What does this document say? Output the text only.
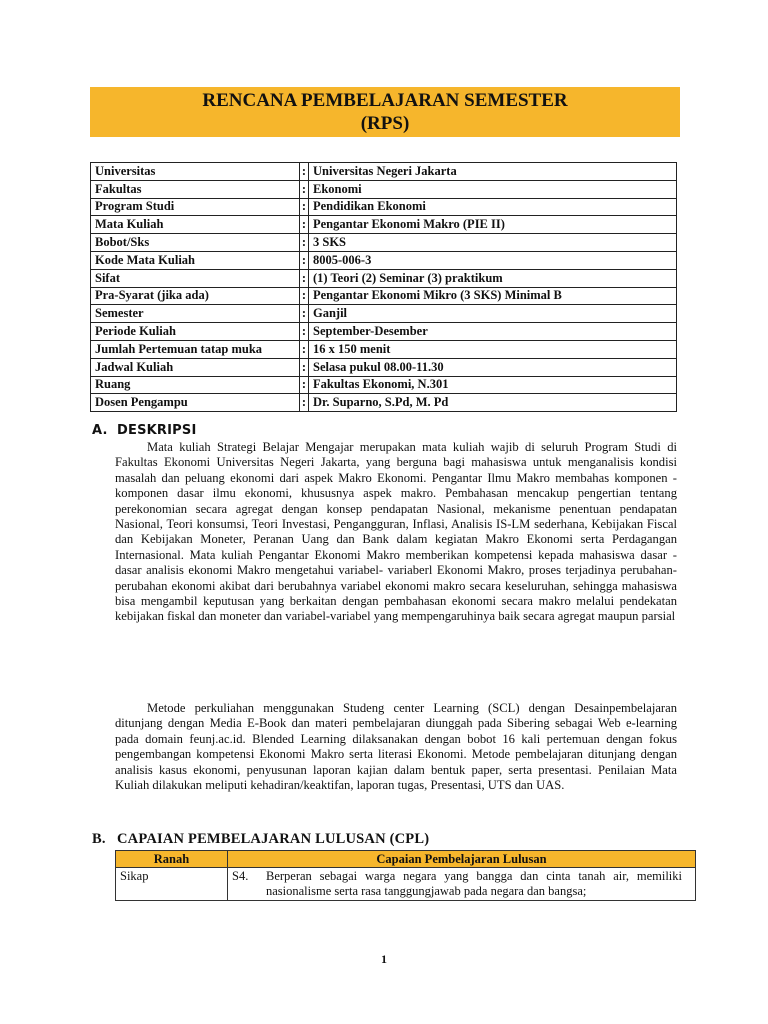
RENCANA PEMBELAJARAN SEMESTER
(RPS)
Universitas	:	Universitas Negeri Jakarta
Fakultas	:	Ekonomi
Program Studi	:	Pendidikan Ekonomi
Mata Kuliah	:	Pengantar Ekonomi Makro (PIE II)
Bobot/Sks	:	3 SKS
Kode Mata Kuliah	:	8005-006-3
Sifat	:	(1) Teori (2) Seminar (3) praktikum
Pra-Syarat (jika ada)	:	Pengantar Ekonomi Mikro (3 SKS) Minimal B
Semester	:	Ganjil
Periode Kuliah	:	September-Desember
Jumlah Pertemuan tatap muka	:	16 x 150 menit
Jadwal Kuliah	:	Selasa pukul 08.00-11.30
Ruang	:	Fakultas Ekonomi, N.301
Dosen Pengampu	:	Dr. Suparno, S.Pd, M. Pd
A. DESKRIPSI

Mata kuliah Strategi Belajar Mengajar merupakan mata kuliah wajib di seluruh Program Studi di Fakultas Ekonomi Universitas Negeri Jakarta, yang berguna bagi mahasiswa untuk menganalisis kondisi masalah dan peluang ekonomi dari aspek Makro Ekonomi. Pengantar Ilmu Makro membahas komponen - komponen dasar ilmu ekonomi, khususnya aspek makro. Pembahasan mencakup pengertian tentang perekonomian secara agregat dengan konsep pendapatan Nasional, mekanisme penentuan pendapatan Nasional, Teori konsumsi, Teori Investasi, Pengangguran, Inflasi, Analisis IS-LM sederhana, Kebijakan Fiscal dan Kebijakan Moneter, Peranan Uang dan Bank dalam kegiatan Makro Ekonomi serta Perdagangan Internasional. Mata kuliah Pengantar Ekonomi Makro memberikan kompetensi kepada mahasiswa dasar - dasar analisis ekonomi Makro mengetahui variabel- variaberl Ekonomi Makro, proses terjadinya perubahan-perubahan ekonomi akibat dari berubahnya variabel ekonomi makro secara keseluruhan, sehingga mahasiswa bisa mengambil keputusan yang berkaitan dengan pembahasan ekonomi secara makro melalui pendekatan kebijakan fiskal dan moneter dan variabel-variabel yang mempengaruhinya baik secara agregat maupun parsial

Metode perkuliahan menggunakan Studeng center Learning (SCL) dengan Desainpembelajaran ditunjang dengan Media E-Book dan materi pembelajaran diunggah pada Sibering sebagai Web e-learning pada domain feunj.ac.id. Blended Learning dilaksanakan dengan bobot 16 kali pertemuan dengan fokus pengembangan kompetensi Ekonomi Makro serta literasi Ekonomi. Metode pembelajaran ditunjang dengan analisis kasus ekonomi, penyusunan laporan kajian dalam bentuk paper, serta presentasi. Penilaian Mata Kuliah dilakukan meliputi kehadiran/keaktifan, laporan tugas, Presentasi, UTS dan UAS.

B. CAPAIAN PEMBELAJARAN LULUSAN (CPL)
Ranah	Capaian Pembelajaran Lulusan
Sikap	S4. Berperan sebagai warga negara yang bangga dan cinta tanah air, memiliki nasionalisme serta rasa tanggungjawab pada negara dan bangsa;
1
